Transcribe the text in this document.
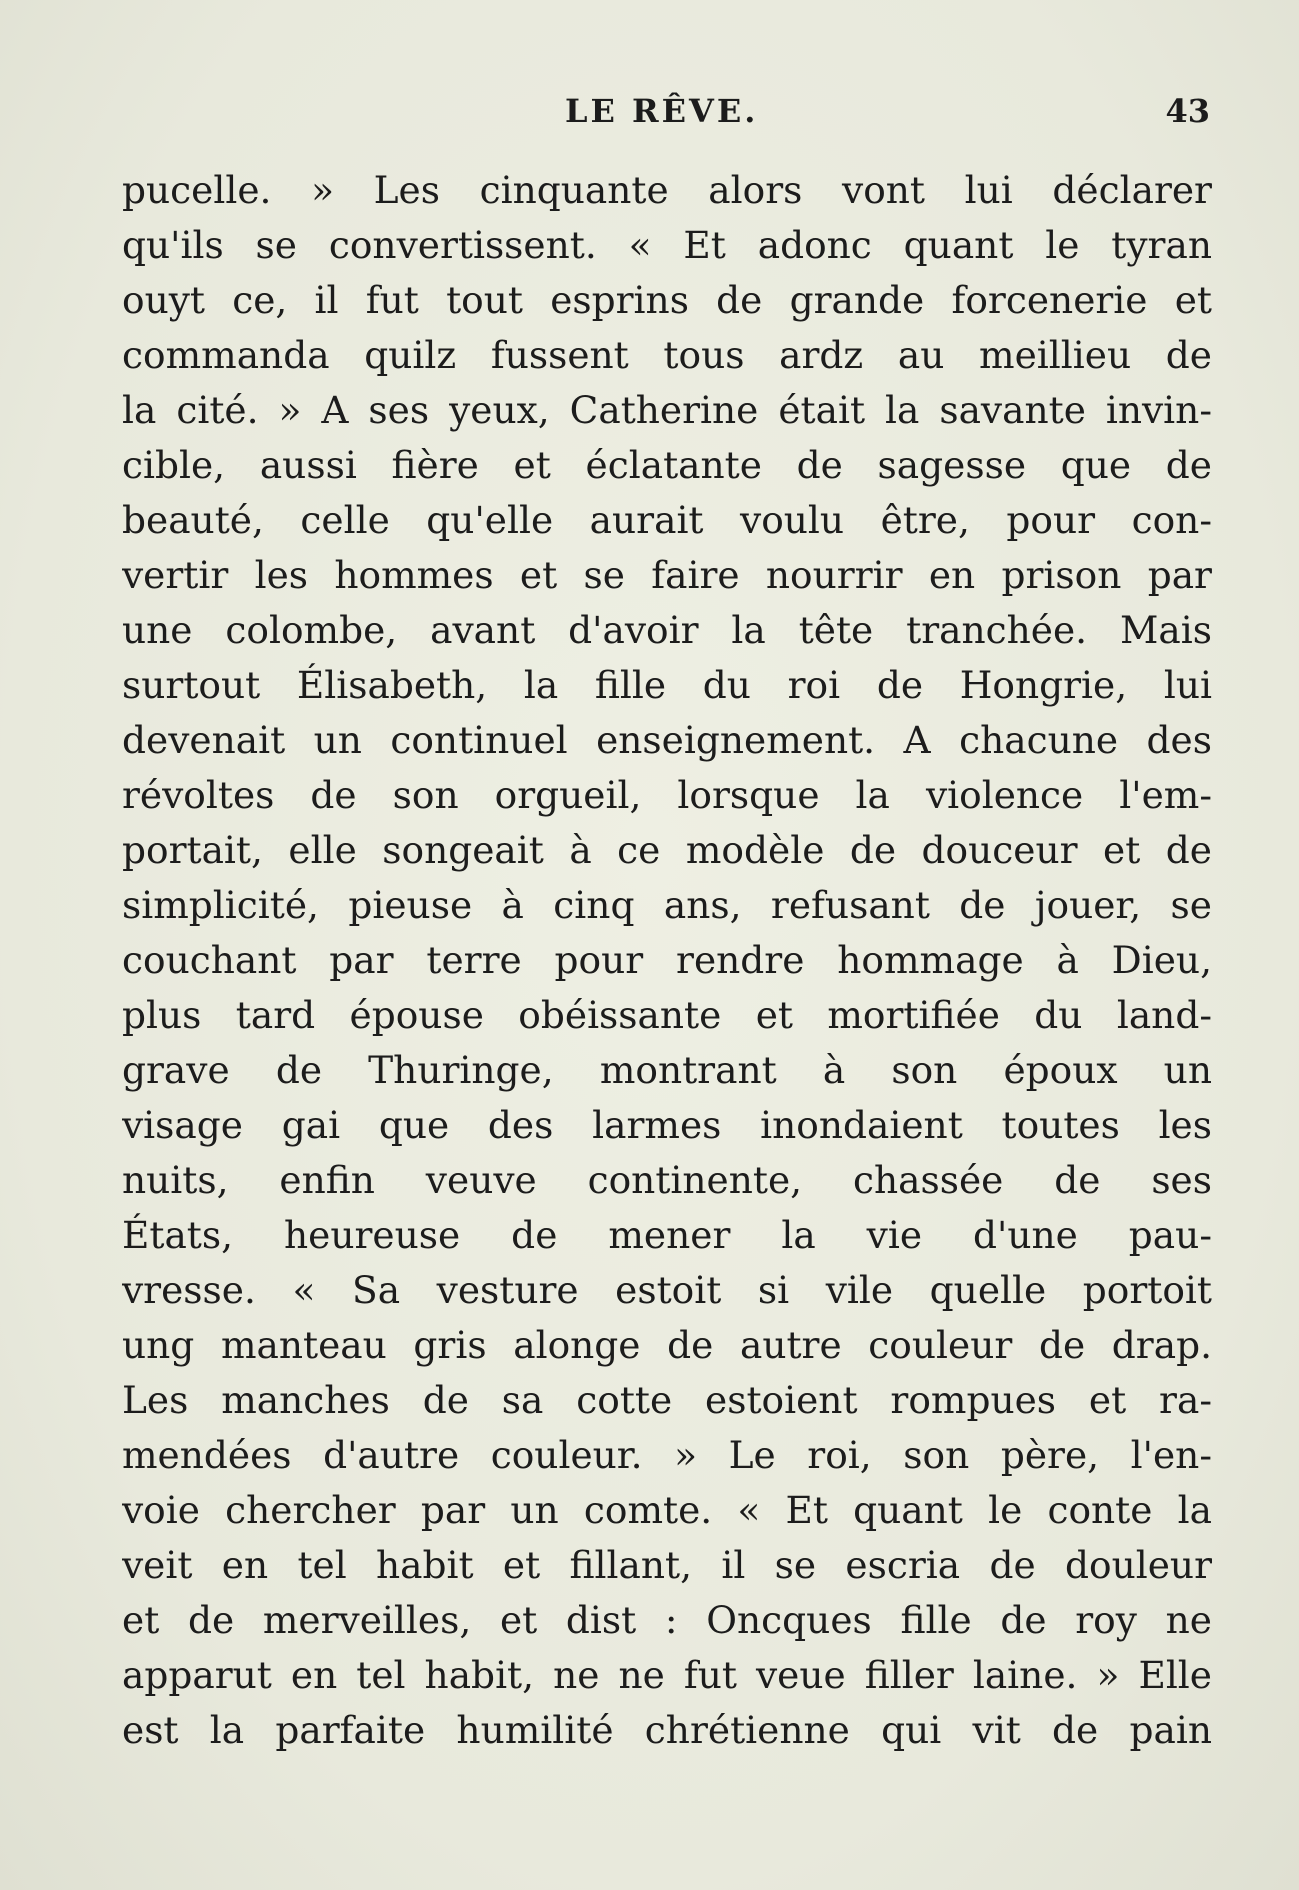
LE RÊVE.	43
pucelle. » Les cinquante alors vont lui déclarer
qu'ils se convertissent. « Et adonc quant le tyran
ouyt ce, il fut tout esprins de grande forcenerie et
commanda quilz fussent tous ardz au meillieu de
la cité. » A ses yeux, Catherine était la savante invin-
cible, aussi fière et éclatante de sagesse que de
beauté, celle qu'elle aurait voulu être, pour con-
vertir les hommes et se faire nourrir en prison par
une colombe, avant d'avoir la tête tranchée. Mais
surtout Élisabeth, la fille du roi de Hongrie, lui
devenait un continuel enseignement. A chacune des
révoltes de son orgueil, lorsque la violence l'em-
portait, elle songeait à ce modèle de douceur et de
simplicité, pieuse à cinq ans, refusant de jouer, se
couchant par terre pour rendre hommage à Dieu,
plus tard épouse obéissante et mortifiée du land-
grave de Thuringe, montrant à son époux un
visage gai que des larmes inondaient toutes les
nuits, enfin veuve continente, chassée de ses
États, heureuse de mener la vie d'une pau-
vresse. « Sa vesture estoit si vile quelle portoit
ung manteau gris alonge de autre couleur de drap.
Les manches de sa cotte estoient rompues et ra-
mendées d'autre couleur. » Le roi, son père, l'en-
voie chercher par un comte. « Et quant le conte la
veit en tel habit et fillant, il se escria de douleur
et de merveilles, et dist : Oncques fille de roy ne
apparut en tel habit, ne ne fut veue filler laine. » Elle
est la parfaite humilité chrétienne qui vit de pain
